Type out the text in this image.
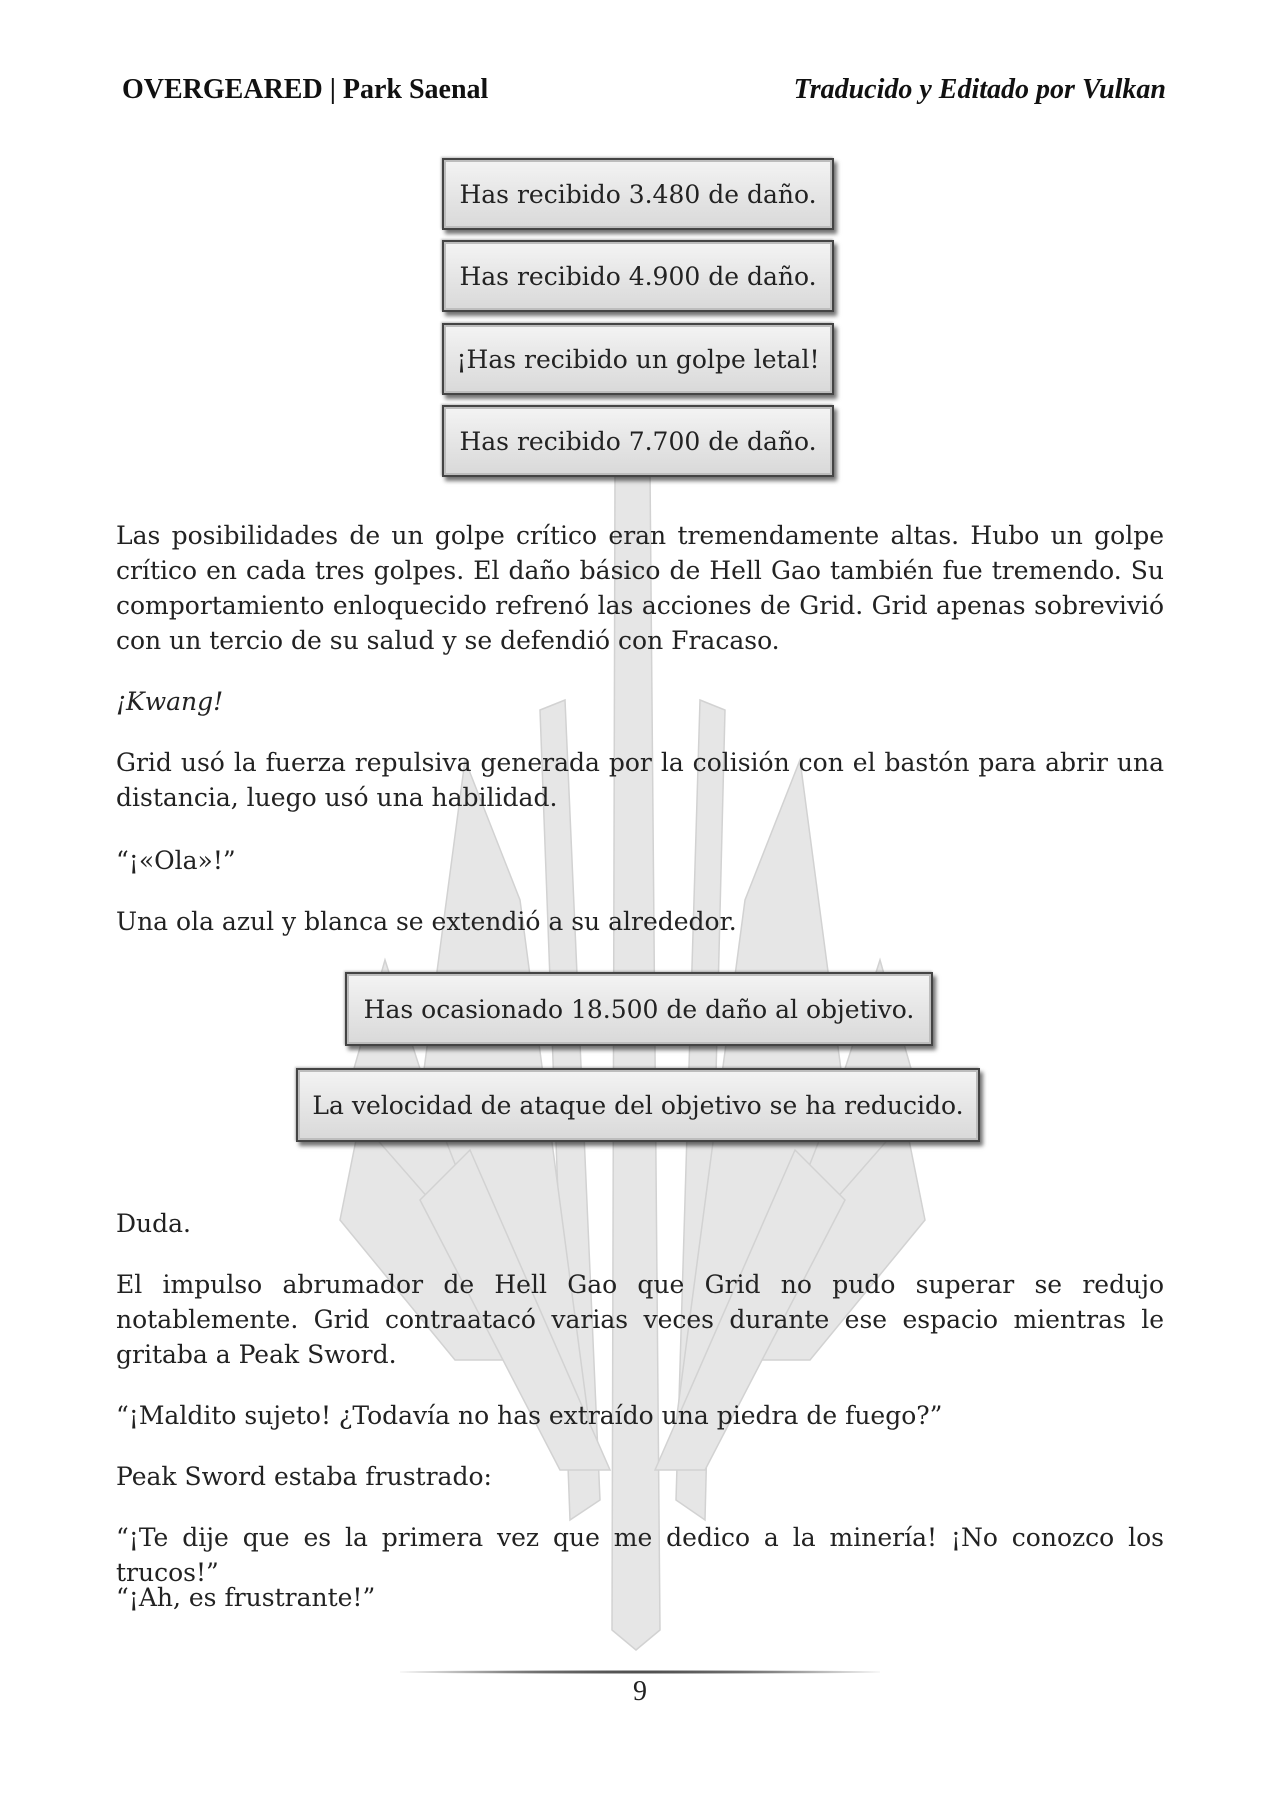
OVERGEARED | Park Saenal	Traducido y Editado por Vulkan
Has recibido 3.480 de daño.
Has recibido 4.900 de daño.
¡Has recibido un golpe letal!
Has recibido 7.700 de daño.

Las posibilidades de un golpe crítico eran tremendamente altas. Hubo un golpe crítico en cada tres golpes. El daño básico de Hell Gao también fue tremendo. Su comportamiento enloquecido refrenó las acciones de Grid. Grid apenas sobrevivió con un tercio de su salud y se defendió con Fracaso.

¡Kwang!

Grid usó la fuerza repulsiva generada por la colisión con el bastón para abrir una distancia, luego usó una habilidad.

“¡«Ola»!”

Una ola azul y blanca se extendió a su alrededor.

Has ocasionado 18.500 de daño al objetivo.
La velocidad de ataque del objetivo se ha reducido.

Duda.

El impulso abrumador de Hell Gao que Grid no pudo superar se redujo notablemente. Grid contraatacó varias veces durante ese espacio mientras le gritaba a Peak Sword.

“¡Maldito sujeto! ¿Todavía no has extraído una piedra de fuego?”

Peak Sword estaba frustrado:

“¡Te dije que es la primera vez que me dedico a la minería! ¡No conozco los trucos!”

“¡Ah, es frustrante!”

9
